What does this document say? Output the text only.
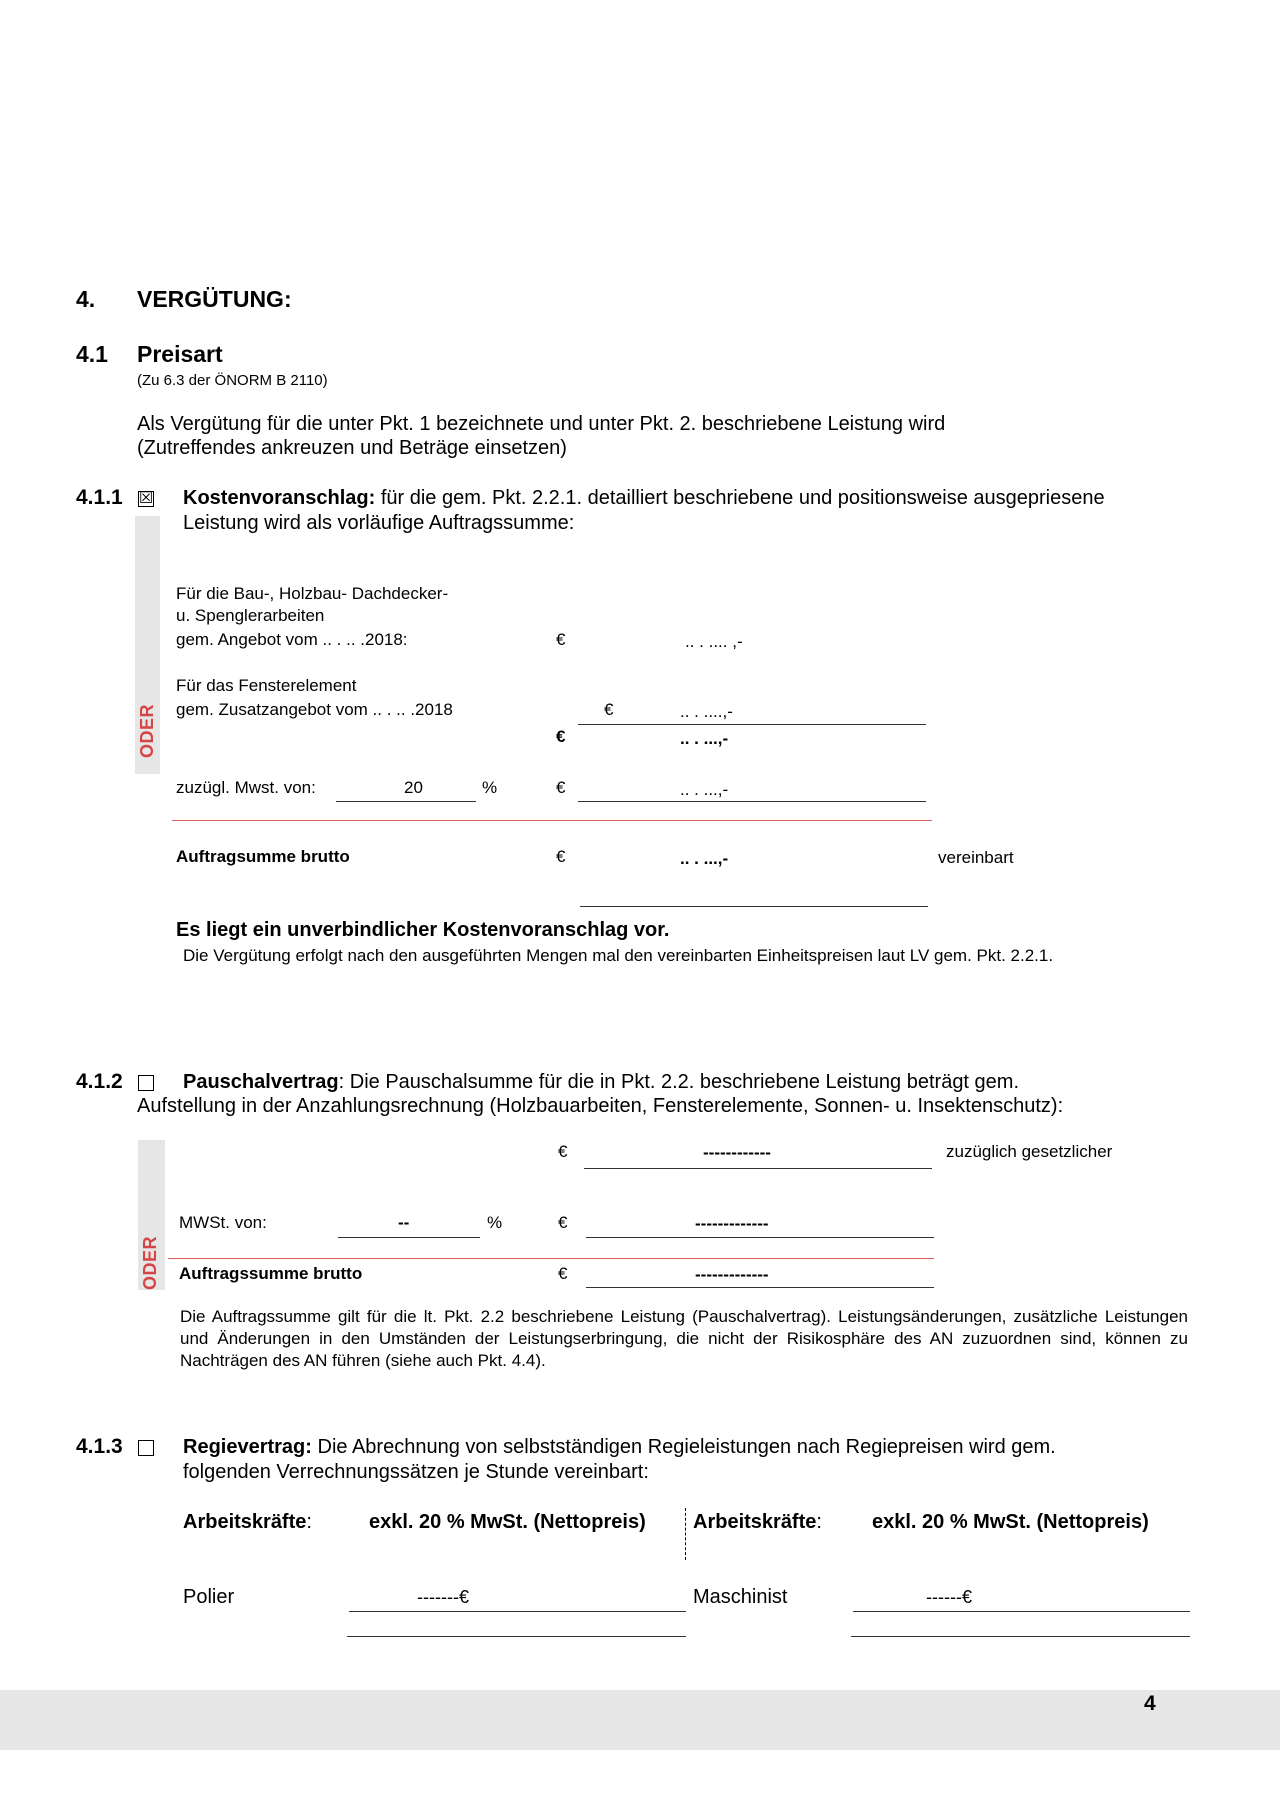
4. VERGÜTUNG:
4.1 Preisart
(Zu 6.3 der ÖNORM B 2110)
Als Vergütung für die unter Pkt. 1 bezeichnete und unter Pkt. 2. beschriebene Leistung wird
(Zutreffendes ankreuzen und Beträge einsetzen)
4.1.1 ☒ Kostenvoranschlag: für die gem. Pkt. 2.2.1. detailliert beschriebene und positionsweise ausgepriesene
Leistung wird als vorläufige Auftragssumme:
ODER
Für die Bau-, Holzbau- Dachdecker-
u. Spenglerarbeiten
gem. Angebot vom .. . .. .2018:	€	.. . .... ,-
Für das Fensterelement
gem. Zusatzangebot vom .. . .. .2018	€	.. . ....,-
€	.. . ...,-
zuzügl. Mwst. von:	20	%	€	.. . ...,-
Auftragsumme brutto	€	.. . ...,-	vereinbart
Es liegt ein unverbindlicher Kostenvoranschlag vor.
Die Vergütung erfolgt nach den ausgeführten Mengen mal den vereinbarten Einheitspreisen laut LV gem. Pkt. 2.2.1.
4.1.2	Pauschalvertrag: Die Pauschalsumme für die in Pkt. 2.2. beschriebene Leistung beträgt gem.
Aufstellung in der Anzahlungsrechnung (Holzbauarbeiten, Fensterelemente, Sonnen- u. Insektenschutz):
ODER
€	------------	zuzüglich gesetzlicher
MWSt. von:	--	%	€	-------------
Auftragssumme brutto	€	-------------
Die Auftragssumme gilt für die lt. Pkt. 2.2 beschriebene Leistung (Pauschalvertrag). Leistungsänderungen, zusätzliche Leistungen und Änderungen in den Umständen der Leistungserbringung, die nicht der Risikosphäre des AN zuzuordnen sind, können zu Nachträgen des AN führen (siehe auch Pkt. 4.4).
4.1.3	Regievertrag: Die Abrechnung von selbstständigen Regieleistungen nach Regiepreisen wird gem.
folgenden Verrechnungssätzen je Stunde vereinbart:
Arbeitskräfte:	exkl. 20 % MwSt. (Nettopreis) Arbeitskräfte:	exkl. 20 % MwSt. (Nettopreis)
Polier	-------€	Maschinist	------€
4
